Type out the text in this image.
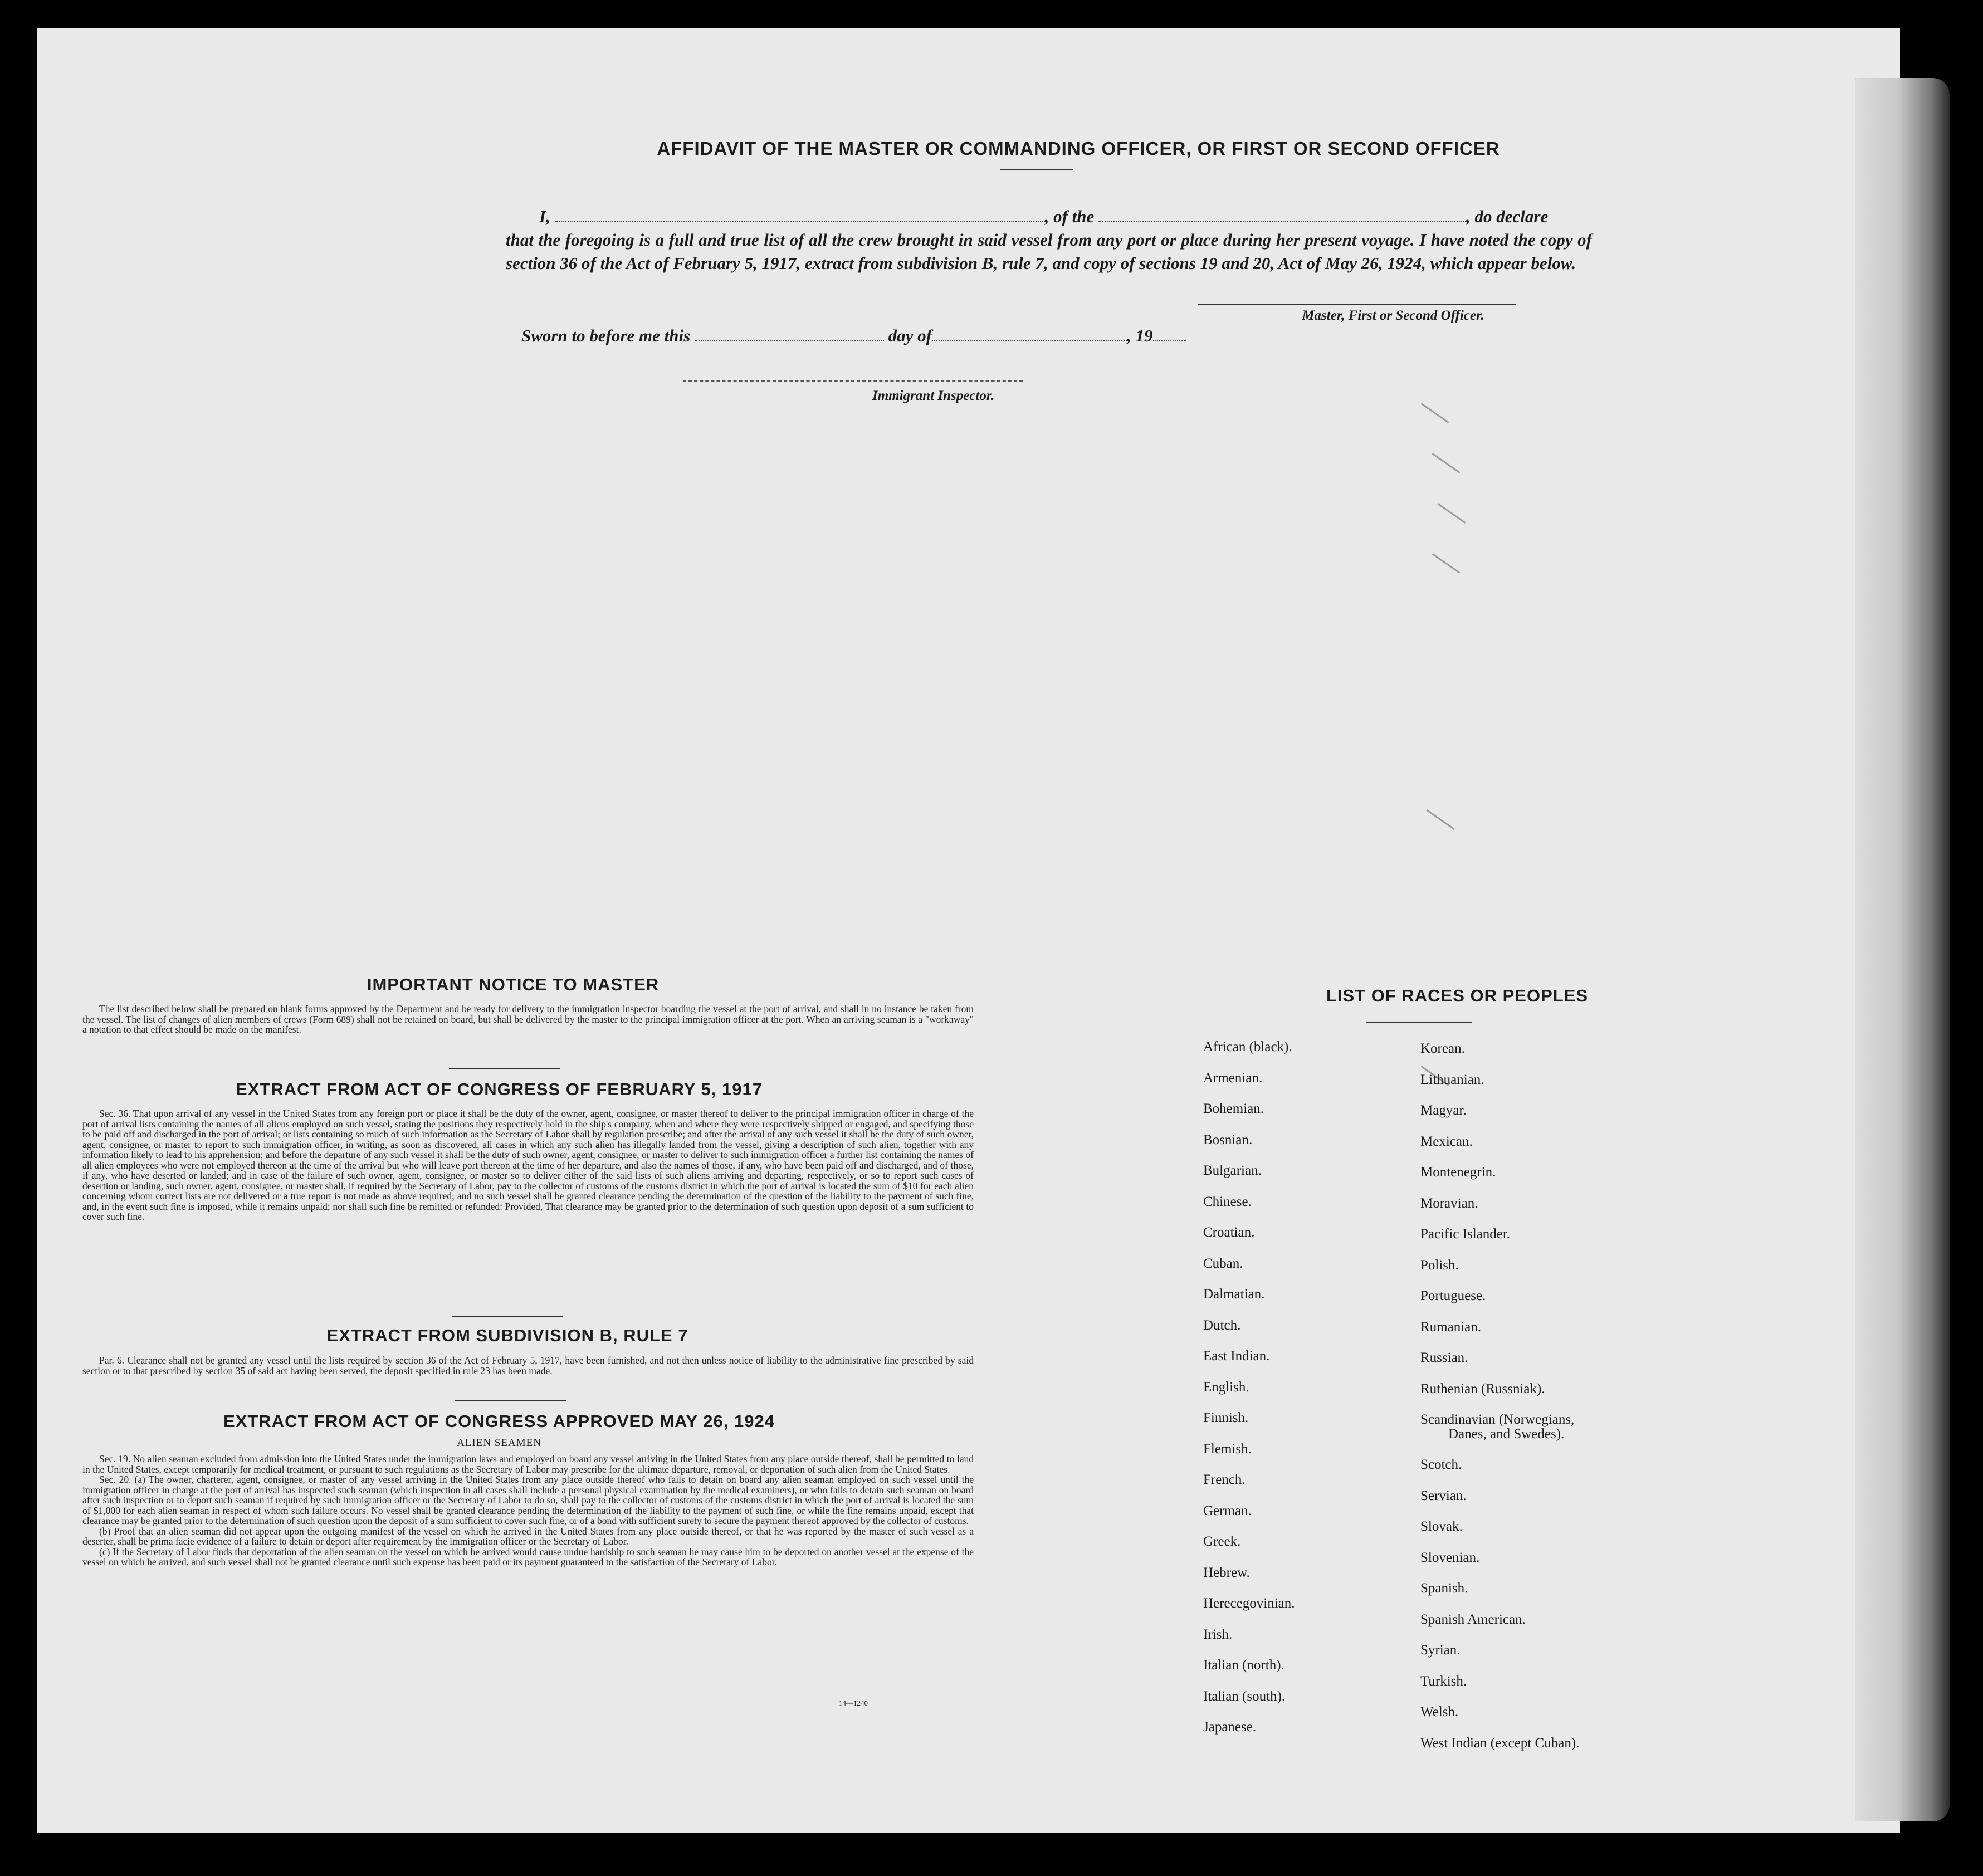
AFFIDAVIT OF THE MASTER OR COMMANDING OFFICER, OR FIRST OR SECOND OFFICER
I,	, of the	, do declare
that the foregoing is a full and true list of all the crew brought in said vessel from any port or place during her present voyage. I have noted the copy of section 36 of the Act of February 5, 1917, extract from subdivision B, rule 7, and copy of sections 19 and 20, Act of May 26, 1924, which appear below.
Master, First or Second Officer.
Sworn to before me this	day of	, 19
Immigrant Inspector.
IMPORTANT NOTICE TO MASTER

The list described below shall be prepared on blank forms approved by the Department and be ready for delivery to the immigration inspector boarding the vessel at the port of arrival, and shall in no instance be taken from the vessel. The list of changes of alien members of crews (Form 689) shall not be retained on board, but shall be delivered by the master to the principal immigration officer at the port. When an arriving seaman is a "workaway" a notation to that effect should be made on the manifest.

EXTRACT FROM ACT OF CONGRESS OF FEBRUARY 5, 1917

Sec. 36. That upon arrival of any vessel in the United States from any foreign port or place it shall be the duty of the owner, agent, consignee, or master thereof to deliver to the principal immigration officer in charge of the port of arrival lists containing the names of all aliens employed on such vessel, stating the positions they respectively hold in the ship's company, when and where they were respectively shipped or engaged, and specifying those to be paid off and discharged in the port of arrival; or lists containing so much of such information as the Secretary of Labor shall by regulation prescribe; and after the arrival of any such vessel it shall be the duty of such owner, agent, consignee, or master to report to such immigration officer, in writing, as soon as discovered, all cases in which any such alien has illegally landed from the vessel, giving a description of such alien, together with any information likely to lead to his apprehension; and before the departure of any such vessel it shall be the duty of such owner, agent, consignee, or master to deliver to such immigration officer a further list containing the names of all alien employees who were not employed thereon at the time of the arrival but who will leave port thereon at the time of her departure, and also the names of those, if any, who have been paid off and discharged, and of those, if any, who have deserted or landed; and in case of the failure of such owner, agent, consignee, or master so to deliver either of the said lists of such aliens arriving and departing, respectively, or so to report such cases of desertion or landing, such owner, agent, consignee, or master shall, if required by the Secretary of Labor, pay to the collector of customs of the customs district in which the port of arrival is located the sum of $10 for each alien concerning whom correct lists are not delivered or a true report is not made as above required; and no such vessel shall be granted clearance pending the determination of the question of the liability to the payment of such fine, and, in the event such fine is imposed, while it remains unpaid; nor shall such fine be remitted or refunded: Provided, That clearance may be granted prior to the determination of such question upon deposit of a sum sufficient to cover such fine.

EXTRACT FROM SUBDIVISION B, RULE 7

Par. 6. Clearance shall not be granted any vessel until the lists required by section 36 of the Act of February 5, 1917, have been furnished, and not then unless notice of liability to the administrative fine prescribed by said section or to that prescribed by section 35 of said act having been served, the deposit specified in rule 23 has been made.

EXTRACT FROM ACT OF CONGRESS APPROVED MAY 26, 1924
ALIEN SEAMEN

Sec. 19. No alien seaman excluded from admission into the United States under the immigration laws and employed on board any vessel arriving in the United States from any place outside thereof, shall be permitted to land in the United States, except temporarily for medical treatment, or pursuant to such regulations as the Secretary of Labor may prescribe for the ultimate departure, removal, or deportation of such alien from the United States.

Sec. 20. (a) The owner, charterer, agent, consignee, or master of any vessel arriving in the United States from any place outside thereof who fails to detain on board any alien seaman employed on such vessel until the immigration officer in charge at the port of arrival has inspected such seaman (which inspection in all cases shall include a personal physical examination by the medical examiners), or who fails to detain such seaman on board after such inspection or to deport such seaman if required by such immigration officer or the Secretary of Labor to do so, shall pay to the collector of customs of the customs district in which the port of arrival is located the sum of $1,000 for each alien seaman in respect of whom such failure occurs. No vessel shall be granted clearance pending the determination of the liability to the payment of such fine, or while the fine remains unpaid, except that clearance may be granted prior to the determination of such question upon the deposit of a sum sufficient to cover such fine, or of a bond with sufficient surety to secure the payment thereof approved by the collector of customs.

(b) Proof that an alien seaman did not appear upon the outgoing manifest of the vessel on which he arrived in the United States from any place outside thereof, or that he was reported by the master of such vessel as a deserter, shall be prima facie evidence of a failure to detain or deport after requirement by the immigration officer or the Secretary of Labor.

(c) If the Secretary of Labor finds that deportation of the alien seaman on the vessel on which he arrived would cause undue hardship to such seaman he may cause him to be deported on another vessel at the expense of the vessel on which he arrived, and such vessel shall not be granted clearance until such expense has been paid or its payment guaranteed to the satisfaction of the Secretary of Labor.

14—1240
LIST OF RACES OR PEOPLES
African (black).
Armenian.
Bohemian.
Bosnian.
Bulgarian.
Chinese.
Croatian.
Cuban.
Dalmatian.
Dutch.
East Indian.
English.
Finnish.
Flemish.
French.
German.
Greek.
Hebrew.
Herecegovinian.
Irish.
Italian (north).
Italian (south).
Japanese.
Korean.
Lithuanian.
Magyar.
Mexican.
Montenegrin.
Moravian.
Pacific Islander.
Polish.
Portuguese.
Rumanian.
Russian.
Ruthenian (Russniak).
Scandinavian (Norwegians,
Danes, and Swedes).
Scotch.
Servian.
Slovak.
Slovenian.
Spanish.
Spanish American.
Syrian.
Turkish.
Welsh.
West Indian (except Cuban).
